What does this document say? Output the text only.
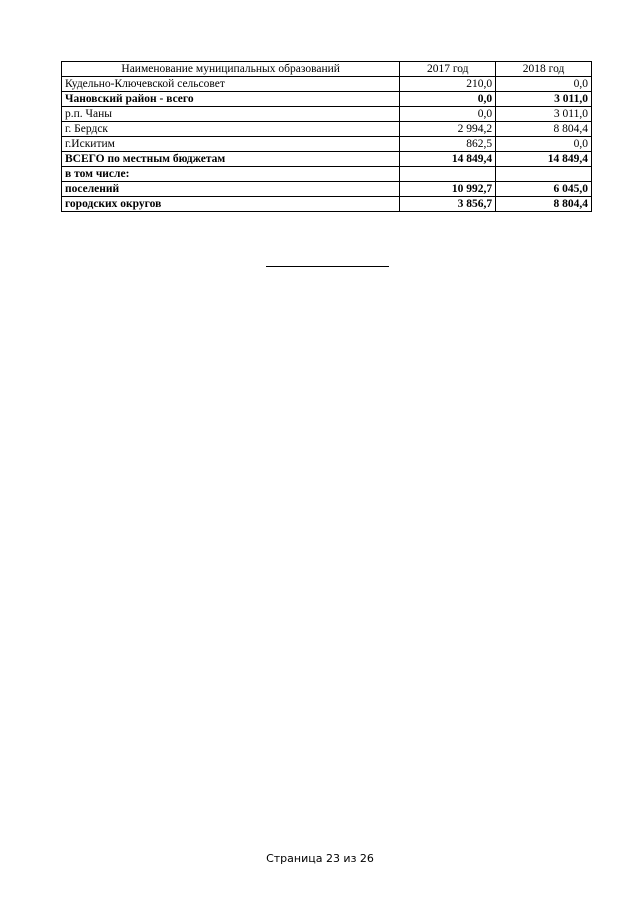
Наименование муниципальных образований	2017 год	2018 год
Кудельно-Ключевской сельсовет	210,0	0,0
Чановский район - всего	0,0	3 011,0
р.п. Чаны	0,0	3 011,0
г. Бердск	2 994,2	8 804,4
г.Искитим	862,5	0,0
ВСЕГО по местным бюджетам	14 849,4	14 849,4
в том числе:		
поселений	10 992,7	6 045,0
городских округов	3 856,7	8 804,4
Страница 23 из 26
